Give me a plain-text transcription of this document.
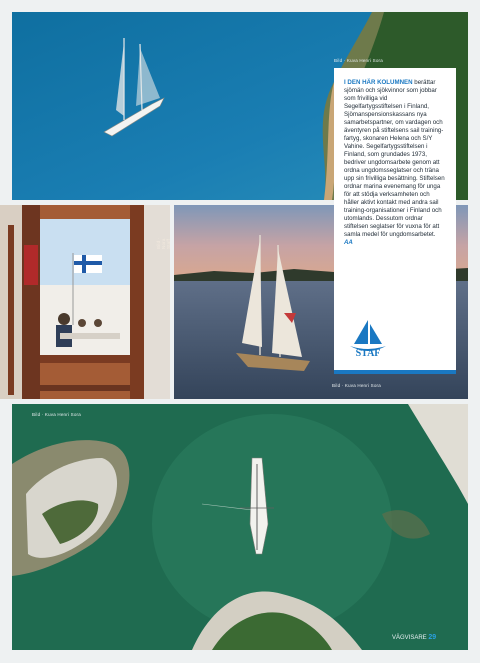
Bild · Kuva Henri Sora
Bild · Nora Staff
Bild · Kuva Henri Sora
Bild · Kuva Henri Sora

I DEN HÄR KOLUMNEN berättar sjömän och sjökvinnor som jobbar som frivilliga vid Segelfartygsstiftelsen i Finland, Sjömanspensionskassans nya samarbetspartner, om vardagen och äventyren på stiftelsens sail training-fartyg, skonaren Helena och S/Y Vahine. Segelfartygsstiftelsen i Finland, som grundades 1973, bedriver ungdomsarbete genom att ordna ungdomsseglatser och träna upp sin frivilliga besättning. Stiftelsen ordnar marina evenemang för unga för att stödja verksamheten och håller aktivt kontakt med andra sail training-organisationer i Finland och utomlands. Dessutom ordnar stiftelsen seglatser för vuxna för att samla medel för ungdomsarbetet. AA

STAF
VÄGVISARE 29
